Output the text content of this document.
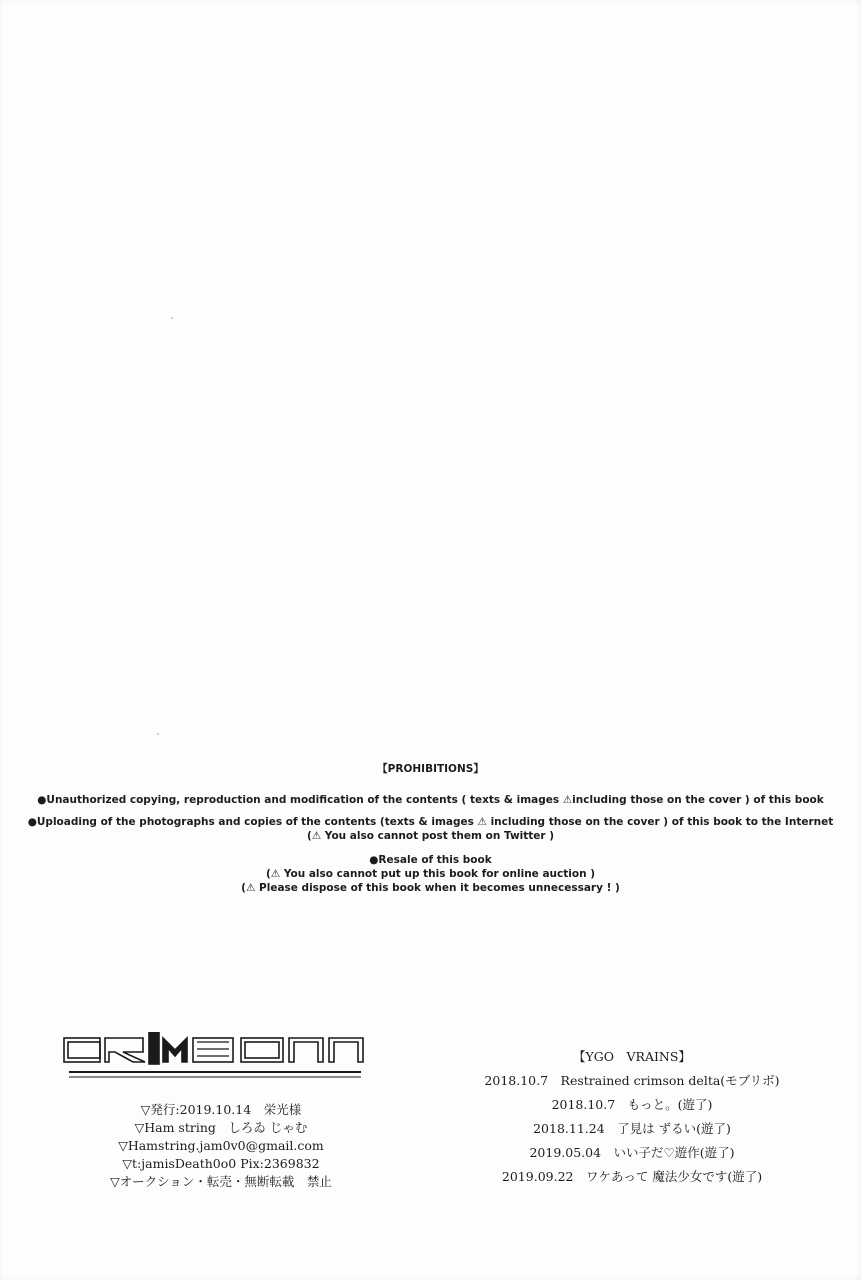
【PROHIBITIONS】
●Unauthorized copying, reproduction and modification of the contents ( texts & images ⚠including those on the cover ) of this book
●Uploading of the photographs and copies of the contents (texts & images ⚠ including those on the cover ) of this book to the Internet
(⚠ You also cannot post them on Twitter )
●Resale of this book
(⚠ You also cannot put up this book for online auction )
(⚠ Please dispose of this book when it becomes unnecessary ! )
▽発行:2019.10.14　栄光様
▽Ham string　しろゐ じゃむ
▽Hamstring.jam0v0@gmail.com
▽t:jamisDeath0o0 Pix:2369832
▽オークション・転売・無断転載　禁止
【YGO　VRAINS】
2018.10.7　Restrained crimson delta(モブリボ)
2018.10.7　もっと。(遊了)
2018.11.24　了見は ずるい(遊了)
2019.05.04　いい子だ♡遊作(遊了)
2019.09.22　ワケあって 魔法少女です(遊了)
